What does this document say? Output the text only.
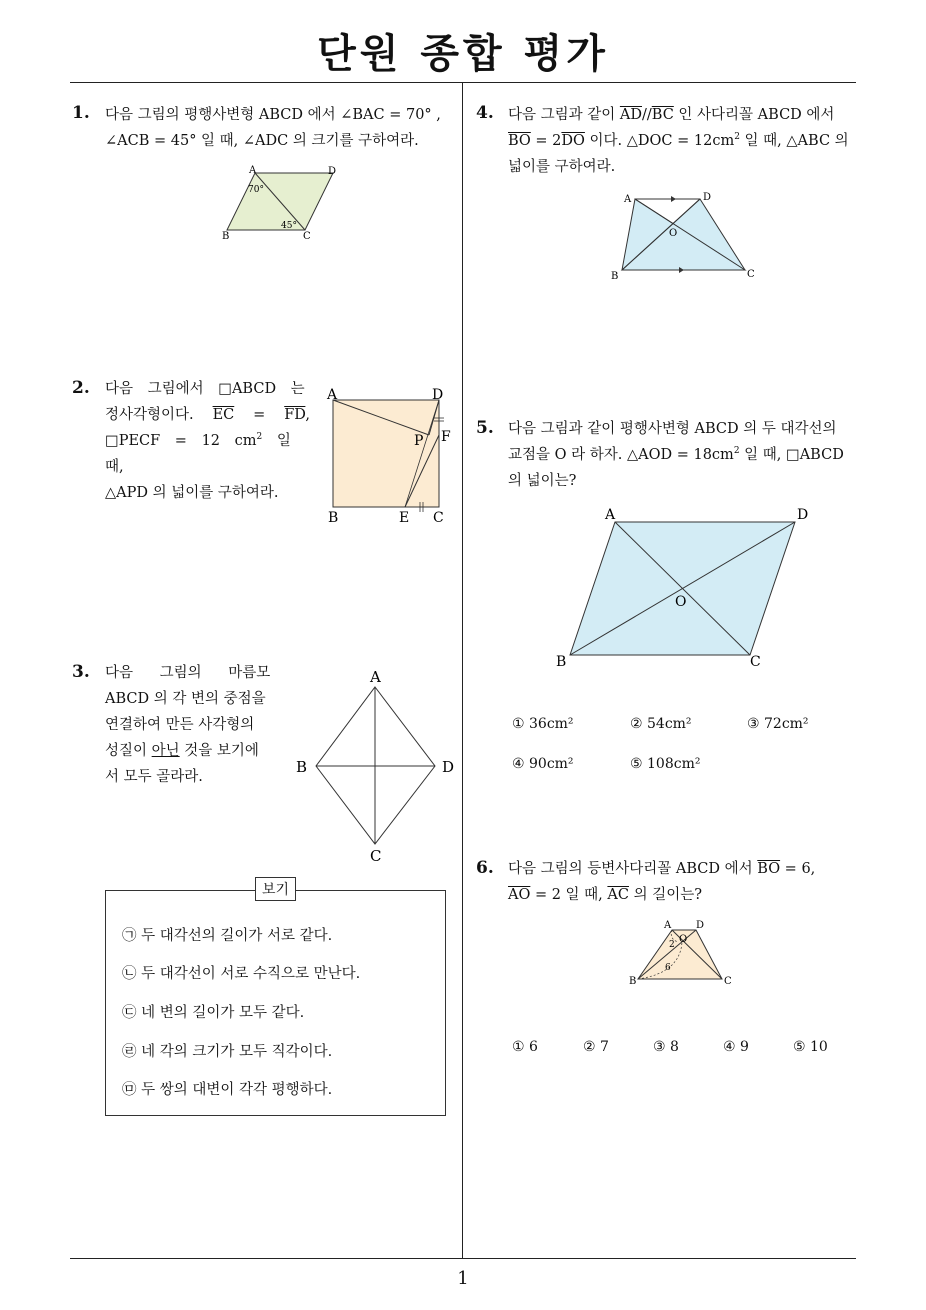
단원 종합 평가
1
1. 다음 그림의 평행사변형 ABCD 에서 ∠BAC = 70° ,
∠ACB = 45° 일 때, ∠ADC 의 크기를 구하여라.
A	D
B	C
70°
45°
2. 다음 그림에서 □ABCD 는
정사각형이다. $\overline{EC} = \overline{FD}$,
□PECF = 12 $cm^2$ 일 때,
△APD 의 넓이를 구하여라.
A	D
B	E C
P F
3. 다음 그림의 마름모
ABCD 의 각 변의 중점을
연결하여 만든 사각형의
성질이 아닌 것을 보기에
서 모두 골라라.
A
B	D
C
보기
㉠ 두 대각선의 길이가 서로 같다.
㉡ 두 대각선이 서로 수직으로 만난다.
㉢ 네 변의 길이가 모두 같다.
㉣ 네 각의 크기가 모두 직각이다.
㉤ 두 쌍의 대변이 각각 평행하다.
4. 다음 그림과 같이 $\overline{AD}//\overline{BC}$ 인 사다리꼴 ABCD 에서
$\overline{BO} = 2\overline{DO}$ 이다. △DOC = $12cm^2$ 일 때, △ABC 의
넓이를 구하여라.
A	D
O
B	C
5. 다음 그림과 같이 평행사변형 ABCD 의 두 대각선의
교점을 O 라 하자. △AOD = $18cm^2$ 일 때, □ABCD
의 넓이는?
A	D
O
B	C
① 36cm²	② 54cm²	③ 72cm²
④ 90cm²	⑤ 108cm²
6. 다음 그림의 등변사다리꼴 ABCD 에서 $\overline{BO} = 6$,
$\overline{AO} = 2$ 일 때, $\overline{AC}$ 의 길이는?
A D
O
2
6
B	C
① 6	② 7	③ 8	④ 9	⑤ 10
